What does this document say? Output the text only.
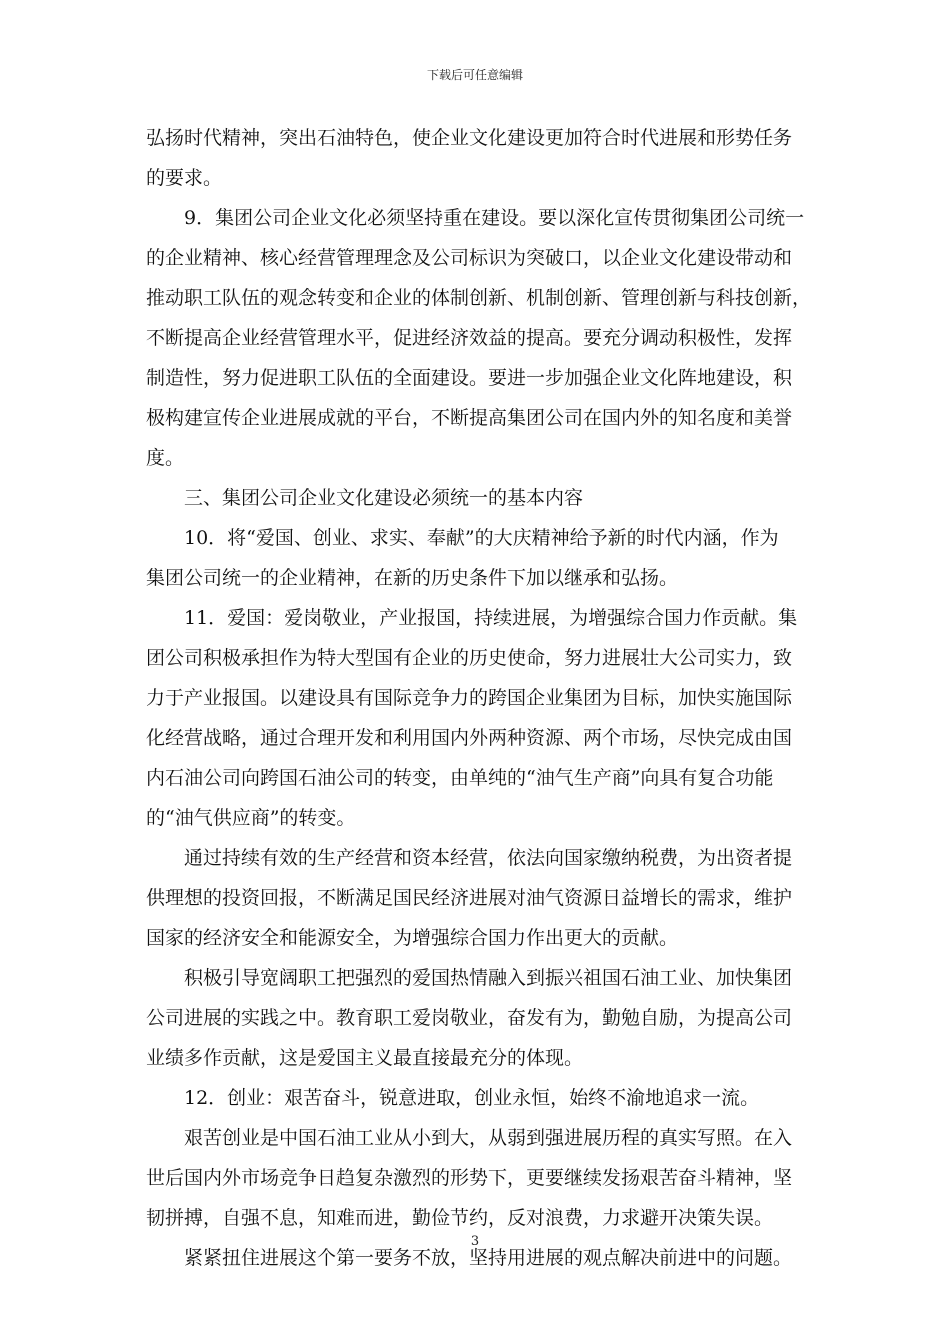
下载后可任意编辑

弘扬时代精神，突出石油特色，使企业文化建设更加符合时代进展和形势任务
的要求。

9．集团公司企业文化必须坚持重在建设。要以深化宣传贯彻集团公司统一
的企业精神、核心经营管理理念及公司标识为突破口，以企业文化建设带动和
推动职工队伍的观念转变和企业的体制创新、机制创新、管理创新与科技创新，
不断提高企业经营管理水平，促进经济效益的提高。要充分调动积极性，发挥
制造性，努力促进职工队伍的全面建设。要进一步加强企业文化阵地建设，积
极构建宣传企业进展成就的平台，不断提高集团公司在国内外的知名度和美誉
度。

三、集团公司企业文化建设必须统一的基本内容

10．将“爱国、创业、求实、奉献”的大庆精神给予新的时代内涵，作为
集团公司统一的企业精神，在新的历史条件下加以继承和弘扬。

11．爱国：爱岗敬业，产业报国，持续进展，为增强综合国力作贡献。集
团公司积极承担作为特大型国有企业的历史使命，努力进展壮大公司实力，致
力于产业报国。以建设具有国际竞争力的跨国企业集团为目标，加快实施国际
化经营战略，通过合理开发和利用国内外两种资源、两个市场，尽快完成由国
内石油公司向跨国石油公司的转变，由单纯的“油气生产商”向具有复合功能
的“油气供应商”的转变。

通过持续有效的生产经营和资本经营，依法向国家缴纳税费，为出资者提
供理想的投资回报，不断满足国民经济进展对油气资源日益增长的需求，维护
国家的经济安全和能源安全，为增强综合国力作出更大的贡献。

积极引导宽阔职工把强烈的爱国热情融入到振兴祖国石油工业、加快集团
公司进展的实践之中。教育职工爱岗敬业，奋发有为，勤勉自励，为提高公司
业绩多作贡献，这是爱国主义最直接最充分的体现。

12．创业：艰苦奋斗，锐意进取，创业永恒，始终不渝地追求一流。

艰苦创业是中国石油工业从小到大，从弱到强进展历程的真实写照。在入
世后国内外市场竞争日趋复杂激烈的形势下，更要继续发扬艰苦奋斗精神，坚
韧拼搏，自强不息，知难而进，勤俭节约，反对浪费，力求避开决策失误。

紧紧扭住进展这个第一要务不放，坚持用进展的观点解决前进中的问题。

3
